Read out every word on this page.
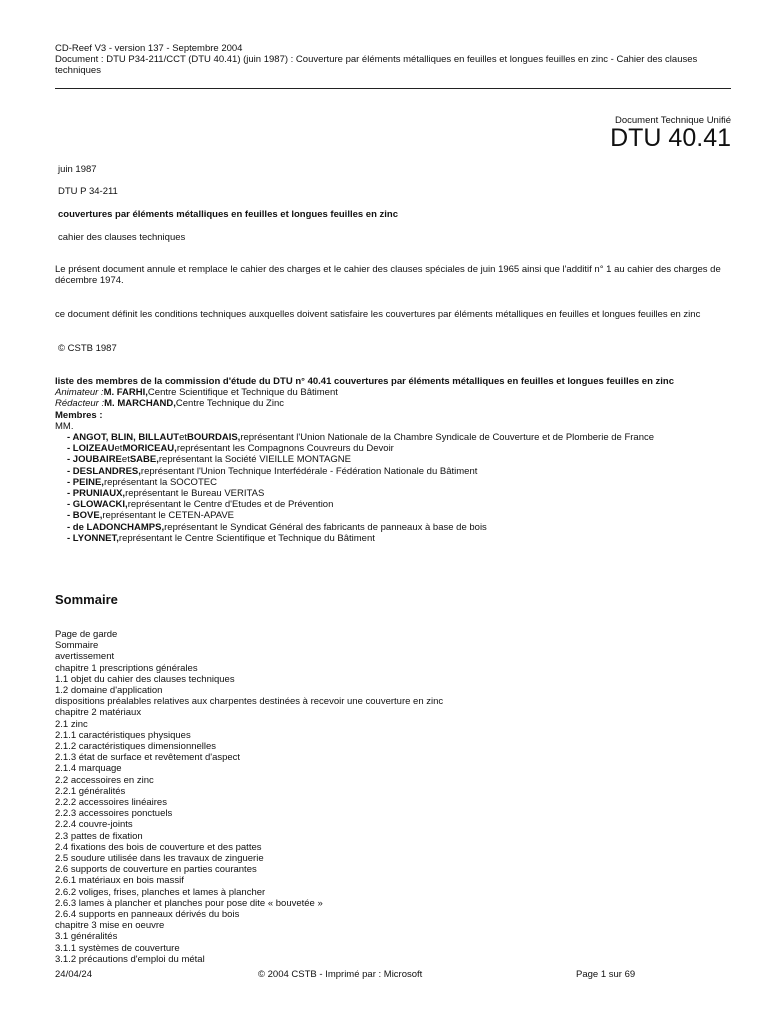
CD-Reef V3 - version 137 - Septembre 2004
Document : DTU P34-211/CCT (DTU 40.41) (juin 1987) : Couverture par éléments métalliques en feuilles et longues feuilles en zinc - Cahier des clauses techniques
Document Technique Unifié
DTU 40.41
juin 1987
DTU P 34-211
couvertures par éléments métalliques en feuilles et longues feuilles en zinc
cahier des clauses techniques
Le présent document annule et remplace le cahier des charges et le cahier des clauses spéciales de juin 1965 ainsi que l'additif n° 1 au cahier des charges de décembre 1974.
ce document définit les conditions techniques auxquelles doivent satisfaire les couvertures par éléments métalliques en feuilles et longues feuilles en zinc
© CSTB 1987
liste des membres de la commission d'étude du DTU n° 40.41 couvertures par éléments métalliques en feuilles et longues feuilles en zinc
Animateur :M. FARHI,Centre Scientifique et Technique du Bâtiment
Rédacteur :M. MARCHAND,Centre Technique du Zinc
Membres :
MM.
- ANGOT, BLIN, BILLAUTetBOURDAIS,représentant l'Union Nationale de la Chambre Syndicale de Couverture et de Plomberie de France
- LOIZEAUetMORICEAU,représentant les Compagnons Couvreurs du Devoir
- JOUBAIREetSABE,représentant la Société VIEILLE MONTAGNE
- DESLANDRES,représentant l'Union Technique Interfédérale - Fédération Nationale du Bâtiment
- PEINE,représentant la SOCOTEC
- PRUNIAUX,représentant le Bureau VERITAS
- GLOWACKI,représentant le Centre d'Etudes et de Prévention
- BOVE,représentant le CETEN-APAVE
- de LADONCHAMPS,représentant le Syndicat Général des fabricants de panneaux à base de bois
- LYONNET,représentant le Centre Scientifique et Technique du Bâtiment
Sommaire
Page de garde
Sommaire
avertissement
chapitre 1 prescriptions générales
1.1 objet du cahier des clauses techniques
1.2 domaine d'application
dispositions préalables relatives aux charpentes destinées à recevoir une couverture en zinc
chapitre 2 matériaux
2.1 zinc
2.1.1 caractéristiques physiques
2.1.2 caractéristiques dimensionnelles
2.1.3 état de surface et revêtement d'aspect
2.1.4 marquage
2.2 accessoires en zinc
2.2.1 généralités
2.2.2 accessoires linéaires
2.2.3 accessoires ponctuels
2.2.4 couvre-joints
2.3 pattes de fixation
2.4 fixations des bois de couverture et des pattes
2.5 soudure utilisée dans les travaux de zinguerie
2.6 supports de couverture en parties courantes
2.6.1 matériaux en bois massif
2.6.2 voliges, frises, planches et lames à plancher
2.6.3 lames à plancher et planches pour pose dite « bouvetée »
2.6.4 supports en panneaux dérivés du bois
chapitre 3 mise en oeuvre
3.1 généralités
3.1.1 systèmes de couverture
3.1.2 précautions d'emploi du métal
24/04/24	© 2004 CSTB - Imprimé par : Microsoft	Page 1 sur 69
